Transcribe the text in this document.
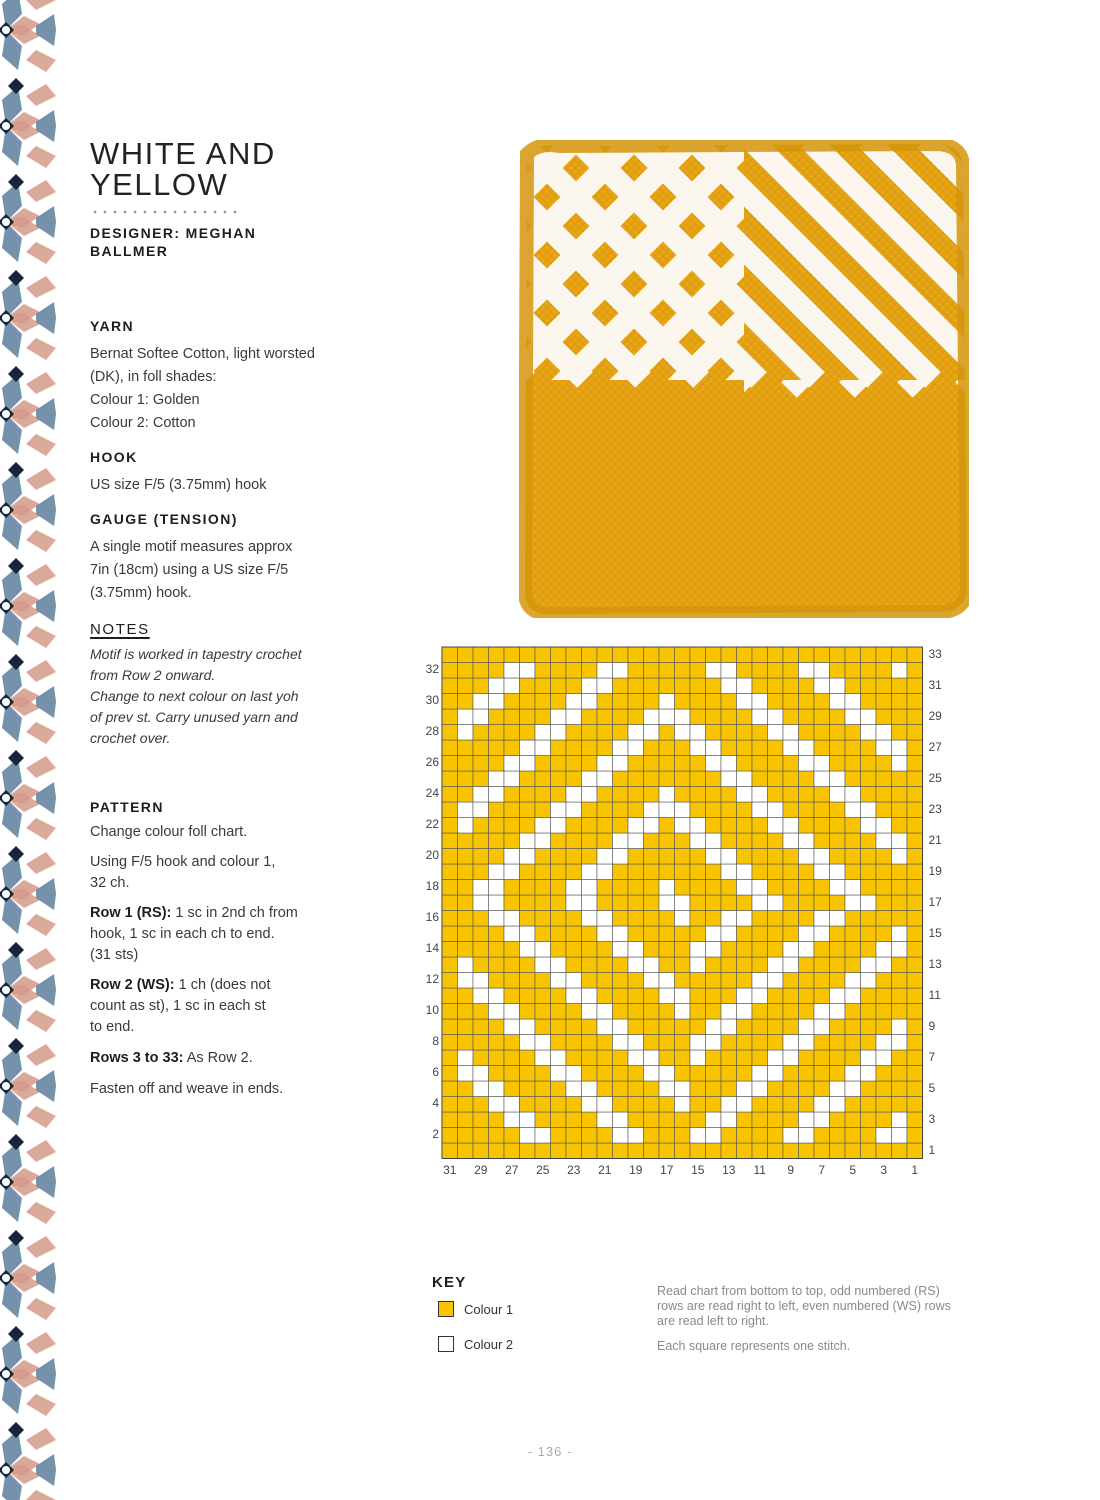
WHITE AND
YELLOW
DESIGNER: MEGHAN BALLMER
YARN
Bernat Softee Cotton, light worsted
(DK), in foll shades:
Colour 1: Golden
Colour 2: Cotton
HOOK
US size F/5 (3.75mm) hook
GAUGE (TENSION)
A single motif measures approx
7in (18cm) using a US size F/5
(3.75mm) hook.
NOTES
Motif is worked in tapestry crochet
from Row 2 onward.
Change to next colour on last yoh
of prev st. Carry unused yarn and
crochet over.
PATTERN
Change colour foll chart.
Using F/5 hook and colour 1,
32 ch.
Row 1 (RS): 1 sc in 2nd ch from
hook, 1 sc in each ch to end.
(31 sts)
Row 2 (WS): 1 ch (does not
count as st), 1 sc in each st
to end.
Rows 3 to 33: As Row 2.
Fasten off and weave in ends.
32
30
28
26
24
22
20
18
16
14
12
10
8
6
4
2
33
31
29
27
25
23
21
19
17
15
13
11
9
7
5
3
1
31	29	27	25	23	21	19	17	15	13	11	9	7	5	3	1
KEY
Colour 1
Colour 2
Read chart from bottom to top, odd numbered (RS) rows are read right to left, even numbered (WS) rows are read left to right.
Each square represents one stitch.
- 136 -
